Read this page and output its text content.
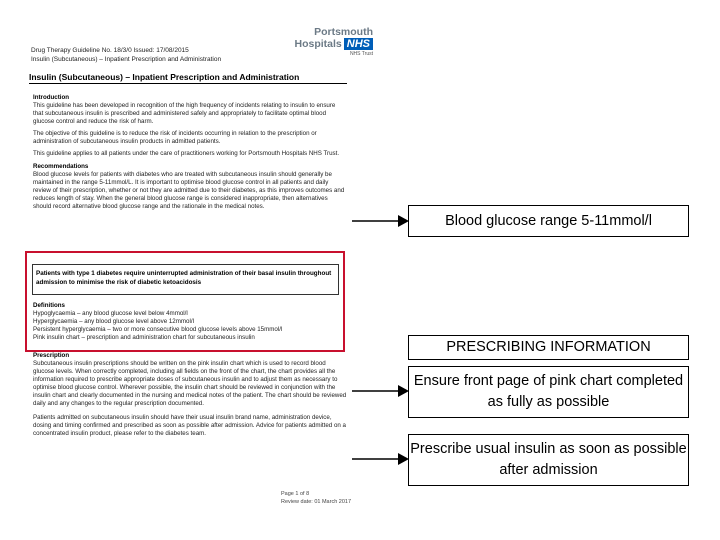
Portsmouth Hospitals NHS
NHS Trust
Drug Therapy Guideline No. 18/3/0 Issued: 17/08/2015
Insulin (Subcutaneous) – Inpatient Prescription and Administration
Insulin (Subcutaneous) – Inpatient Prescription and Administration
Introduction
This guideline has been developed in recognition of the high frequency of incidents relating to insulin to ensure that subcutaneous insulin is prescribed and administered safely and appropriately to facilitate optimal blood glucose control and reduce the risk of harm.
The objective of this guideline is to reduce the risk of incidents occurring in relation to the prescription or administration of subcutaneous insulin products in admitted patients.
This guideline applies to all patients under the care of practitioners working for Portsmouth Hospitals NHS Trust.
Recommendations
Blood glucose levels for patients with diabetes who are treated with subcutaneous insulin should generally be maintained in the range 5-11mmol/L. It is important to optimise blood glucose control in all patients and daily review of their prescription, whether or not they are admitted due to their diabetes, as this improves outcomes and reduces length of stay. When the general blood glucose range is considered inappropriate, then alternatives should record alternative blood glucose range and the rationale in the medical notes.
Patients with type 1 diabetes require uninterrupted administration of their basal insulin throughout admission to minimise the risk of diabetic ketoacidosis
Definitions
Hypoglycaemia – any blood glucose level below 4mmol/l
Hyperglycaemia – any blood glucose level above 12mmol/l
Persistent hyperglycaemia – two or more consecutive blood glucose levels above 15mmol/l
Pink insulin chart – prescription and administration chart for subcutaneous insulin
Prescription
Subcutaneous insulin prescriptions should be written on the pink insulin chart which is used to record blood glucose levels. When correctly completed, including all fields on the front of the chart, the chart provides all the information required to prescribe appropriate doses of subcutaneous insulin and to adjust them as necessary to optimise blood glucose control. Wherever possible, the insulin chart should be reviewed in conjunction with the insulin chart and clearly documented in the nursing and medical notes of the patient. The chart should be reviewed daily and any changes to the regular prescription documented.
Patients admitted on subcutaneous insulin should have their usual insulin brand name, administration device, dosing and timing confirmed and prescribed as soon as possible after admission. Advice for patients admitted on a concentrated insulin product, please refer to the diabetes team.
Page 1 of 8
Review date: 01 March 2017
Blood glucose range 5-11mmol/l
PRESCRIBING INFORMATION
Ensure front page of pink chart completed as fully as possible
Prescribe usual insulin as soon as possible after admission
